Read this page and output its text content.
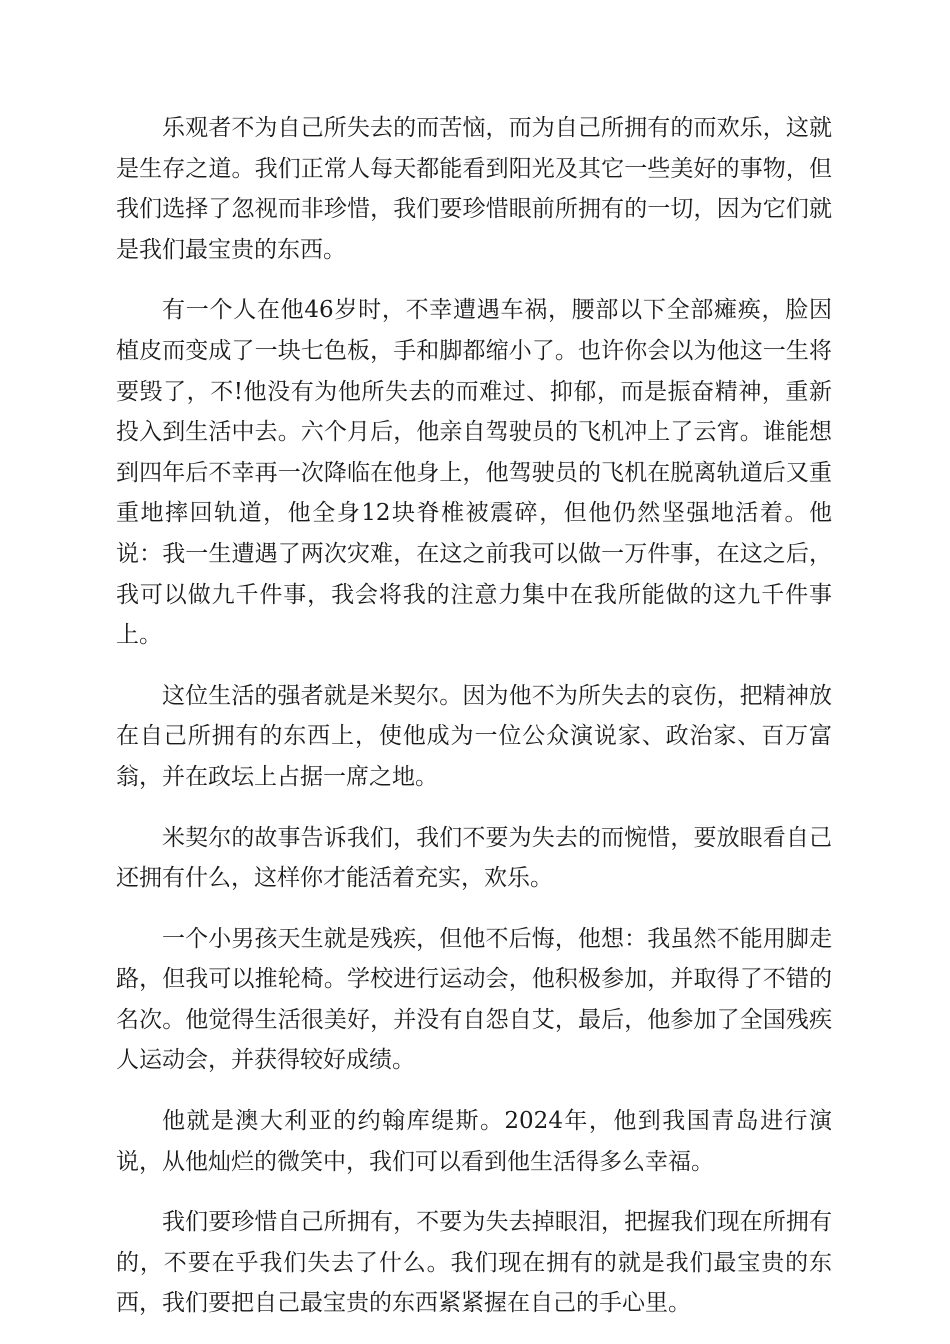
乐观者不为自己所失去的而苦恼，而为自己所拥有的而欢乐，这就是生存之道。我们正常人每天都能看到阳光及其它一些美好的事物，但我们选择了忽视而非珍惜，我们要珍惜眼前所拥有的一切，因为它们就是我们最宝贵的东西。

有一个人在他46岁时，不幸遭遇车祸，腰部以下全部瘫痪，脸因植皮而变成了一块七色板，手和脚都缩小了。也许你会以为他这一生将要毁了，不!他没有为他所失去的而难过、抑郁，而是振奋精神，重新投入到生活中去。六个月后，他亲自驾驶员的飞机冲上了云宵。谁能想到四年后不幸再一次降临在他身上，他驾驶员的飞机在脱离轨道后又重重地摔回轨道，他全身12块脊椎被震碎，但他仍然坚强地活着。他说：我一生遭遇了两次灾难，在这之前我可以做一万件事，在这之后，我可以做九千件事，我会将我的注意力集中在我所能做的这九千件事上。

这位生活的强者就是米契尔。因为他不为所失去的哀伤，把精神放在自己所拥有的东西上，使他成为一位公众演说家、政治家、百万富翁，并在政坛上占据一席之地。

米契尔的故事告诉我们，我们不要为失去的而惋惜，要放眼看自己还拥有什么，这样你才能活着充实，欢乐。

一个小男孩天生就是残疾，但他不后悔，他想：我虽然不能用脚走路，但我可以推轮椅。学校进行运动会，他积极参加，并取得了不错的名次。他觉得生活很美好，并没有自怨自艾，最后，他参加了全国残疾人运动会，并获得较好成绩。

他就是澳大利亚的约翰库缇斯。2024年，他到我国青岛进行演说，从他灿烂的微笑中，我们可以看到他生活得多么幸福。

我们要珍惜自己所拥有，不要为失去掉眼泪，把握我们现在所拥有的，不要在乎我们失去了什么。我们现在拥有的就是我们最宝贵的东西，我们要把自己最宝贵的东西紧紧握在自己的手心里。
